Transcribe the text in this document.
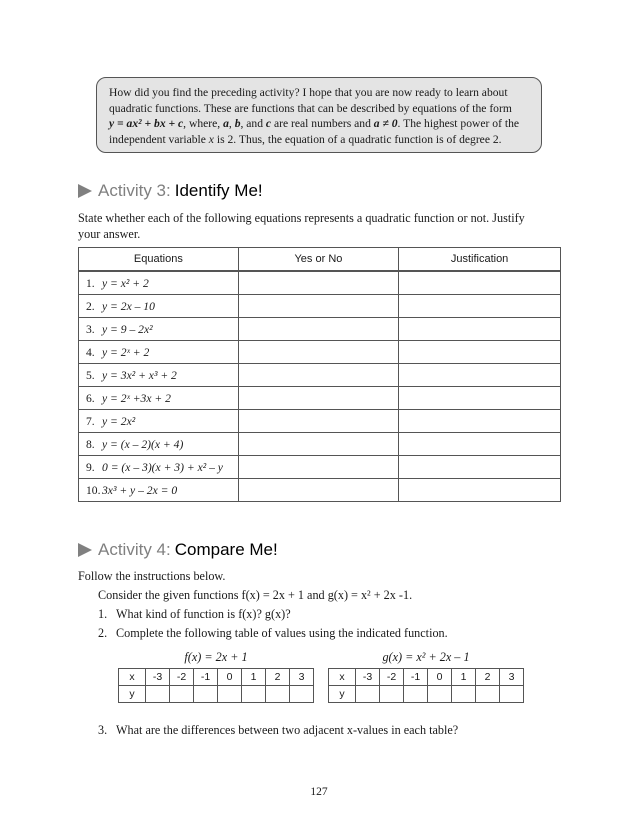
How did you find the preceding activity? I hope that you are now ready to learn about

quadratic functions. These are functions that can be described by equations of the form

y = ax² + bx + c, where, a, b, and c are real numbers and a ≠ 0. The highest power of the

independent variable x is 2. Thus, the equation of a quadratic function is of degree 2.

Activity 3: Identify Me!

State whether each of the following equations represents a quadratic function or not. Justify
your answer.

Equations	Yes or No	Justification
1. y = x² + 2		
2. y = 2x – 10		
3. y = 9 – 2x²		
4. y = 2ˣ + 2		
5. y = 3x² + x³ + 2		
6. y = 2ˣ +3x + 2		
7. y = 2x²		
8. y = (x – 2)(x + 4)		
9. 0 = (x – 3)(x + 3) + x² – y		
10. 3x³ + y – 2x = 0		
Activity 4: Compare Me!

Follow the instructions below.

Consider the given functions f(x) = 2x + 1 and g(x) = x² + 2x -1.

1. What kind of function is f(x)? g(x)?
2. Complete the following table of values using the indicated function.
f(x) = 2x + 1
x	-3	-2	-1	0	1	2	3
y							
g(x) = x² + 2x – 1
x	-3	-2	-1	0	1	2	3
y							
3. What are the differences between two adjacent x-values in each table?
127
